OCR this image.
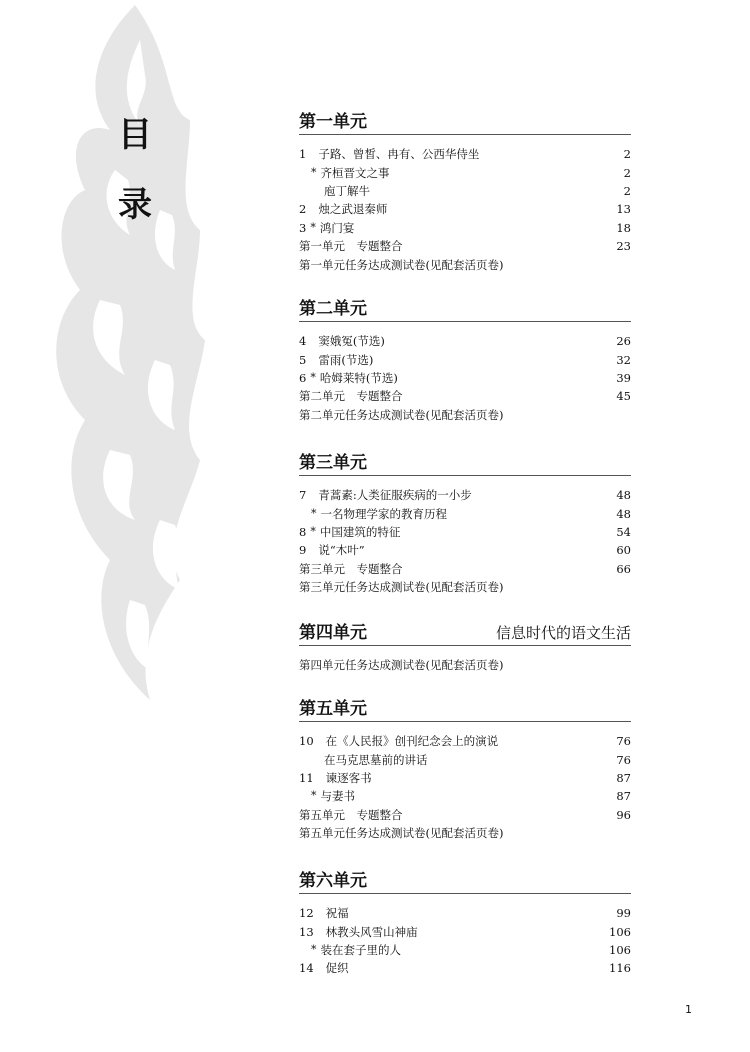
目
录
第一单元
1 子路、曾皙、冉有、公西华侍坐	2
* 齐桓晋文之事	2
庖丁解牛	2
2 烛之武退秦师	13
3 * 鸿门宴	18
第一单元　专题整合	23
第一单元任务达成测试卷(见配套活页卷)
第二单元
4 窦娥冤(节选)	26
5 雷雨(节选)	32
6 * 哈姆莱特(节选)	39
第二单元　专题整合	45
第二单元任务达成测试卷(见配套活页卷)
第三单元
7 青蒿素:人类征服疾病的一小步	48
* 一名物理学家的教育历程	48
8 * 中国建筑的特征	54
9 说“木叶”	60
第三单元　专题整合	66
第三单元任务达成测试卷(见配套活页卷)
第四单元	信息时代的语文生活
第四单元任务达成测试卷(见配套活页卷)
第五单元
10 在《人民报》创刊纪念会上的演说	76
在马克思墓前的讲话	76
11 谏逐客书	87
* 与妻书	87
第五单元　专题整合	96
第五单元任务达成测试卷(见配套活页卷)
第六单元
12 祝福	99
13 林教头风雪山神庙	106
* 装在套子里的人	106
14 促织	116
1
